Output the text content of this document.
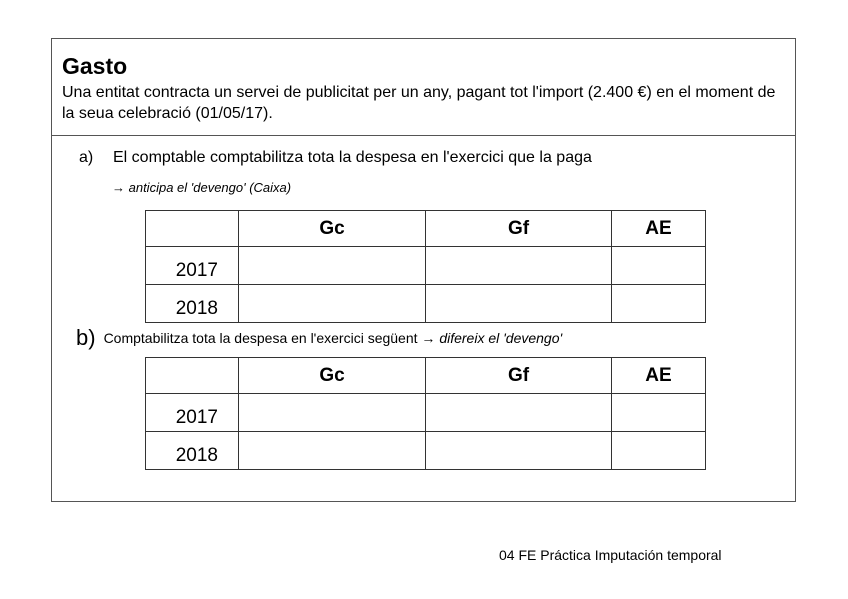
Gasto
Una entitat contracta un servei de publicitat per un any, pagant tot l'import (2.400 €) en el moment de la seua celebració (01/05/17).
a) El comptable comptabilitza tota la despesa en l'exercici que la paga
→ anticipa el 'devengo' (Caixa)
	Gc	Gf	AE
2017			
2018			
b) Comptabilitza tota la despesa en l'exercici següent → difereix el 'devengo'
	Gc	Gf	AE
2017			
2018			
04 FE Práctica Imputación temporal
